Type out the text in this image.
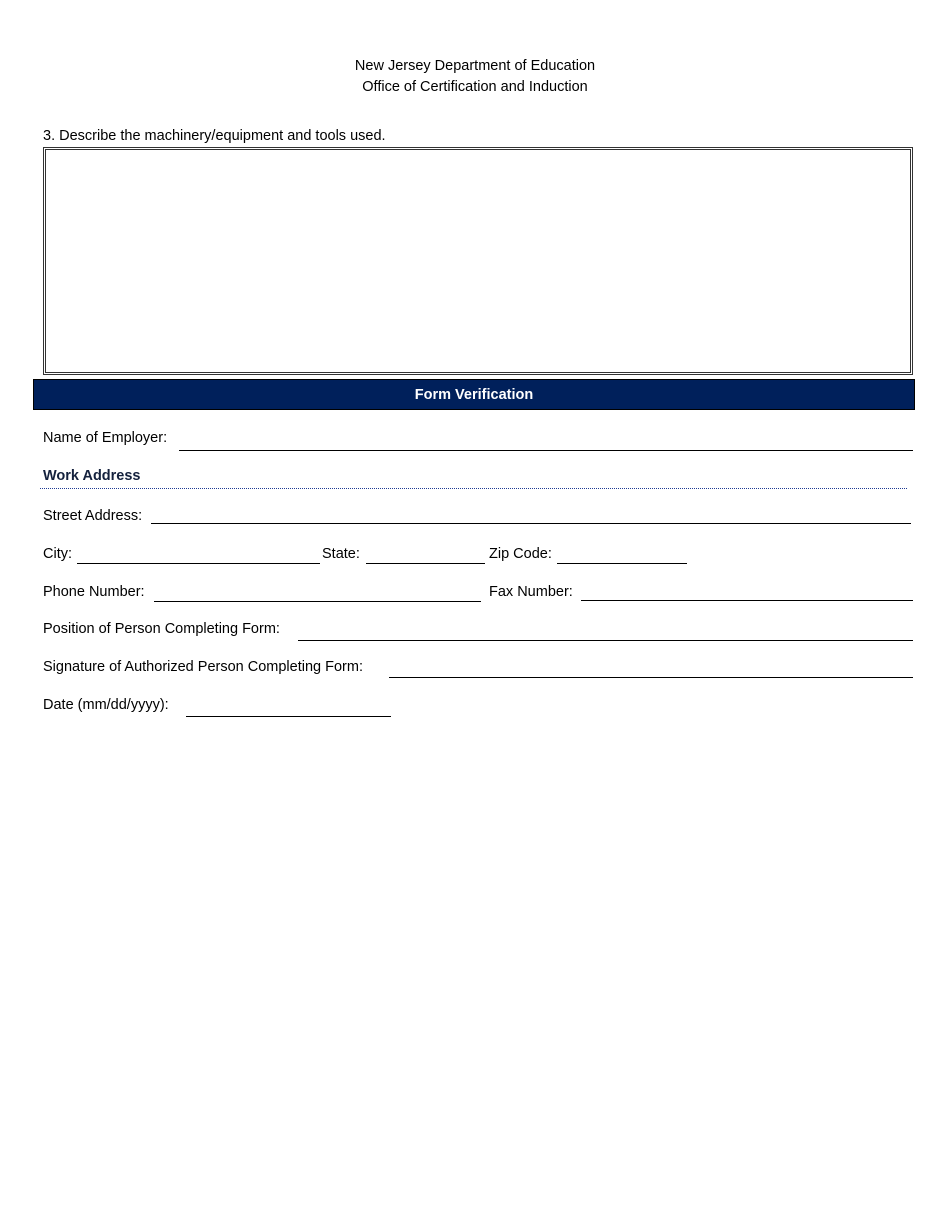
New Jersey Department of Education
Office of Certification and Induction
3. Describe the machinery/equipment and tools used.
Form Verification
Name of Employer:
Work Address
Street Address:
City:	State:	Zip Code:
Phone Number:	Fax Number:
Position of Person Completing Form:
Signature of Authorized Person Completing Form:
Date (mm/dd/yyyy):
